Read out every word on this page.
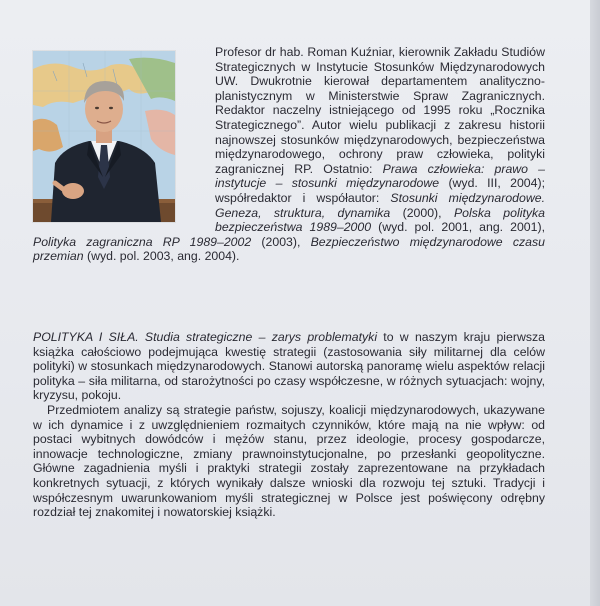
Profesor dr hab. Roman Kuźniar, kierownik Zakładu Studiów Strategicznych w Instytucie Stosunków Międzynarodowych UW. Dwukrotnie kierował departamentem analityczno-planistycznym w Ministerstwie Spraw Zagranicznych. Redaktor naczelny istniejącego od 1995 roku „Rocznika Strategicznego”. Autor wielu publikacji z zakresu historii najnowszej stosunków międzynarodowych, bezpieczeństwa międzynarodowego, ochrony praw człowieka, polityki zagranicznej RP. Ostatnio: Prawa człowieka: prawo – instytucje – stosunki międzynarodowe (wyd. III, 2004); współredaktor i współautor: Stosunki międzynarodowe. Geneza, struktura, dynamika (2000), Polska polityka bezpieczeństwa 1989–2000 (wyd. pol. 2001, ang. 2001), Polityka zagraniczna RP 1989–2002 (2003), Bezpieczeństwo międzynarodowe czasu przemian (wyd. pol. 2003, ang. 2004).

POLITYKA I SIŁA. Studia strategiczne – zarys problematyki to w naszym kraju pierwsza książka całościowo podejmująca kwestię strategii (zastosowania siły militarnej dla celów polityki) w stosunkach międzynarodowych. Stanowi autorską panoramę wielu aspektów relacji polityka – siła militarna, od starożytności po czasy współczesne, w różnych sytuacjach: wojny, kryzysu, pokoju.

Przedmiotem analizy są strategie państw, sojuszy, koalicji międzynarodowych, ukazywane w ich dynamice i z uwzględnieniem rozmaitych czynników, które mają na nie wpływ: od postaci wybitnych dowódców i mężów stanu, przez ideologie, procesy gospodarcze, innowacje technologiczne, zmiany prawnoinstytucjonalne, po przesłanki geopolityczne. Główne zagadnienia myśli i praktyki strategii zostały zaprezentowane na przykładach konkretnych sytuacji, z których wynikały dalsze wnioski dla rozwoju tej sztuki. Tradycji i współczesnym uwarunkowaniom myśli strategicznej w Polsce jest poświęcony odrębny rozdział tej znakomitej i nowatorskiej książki.
